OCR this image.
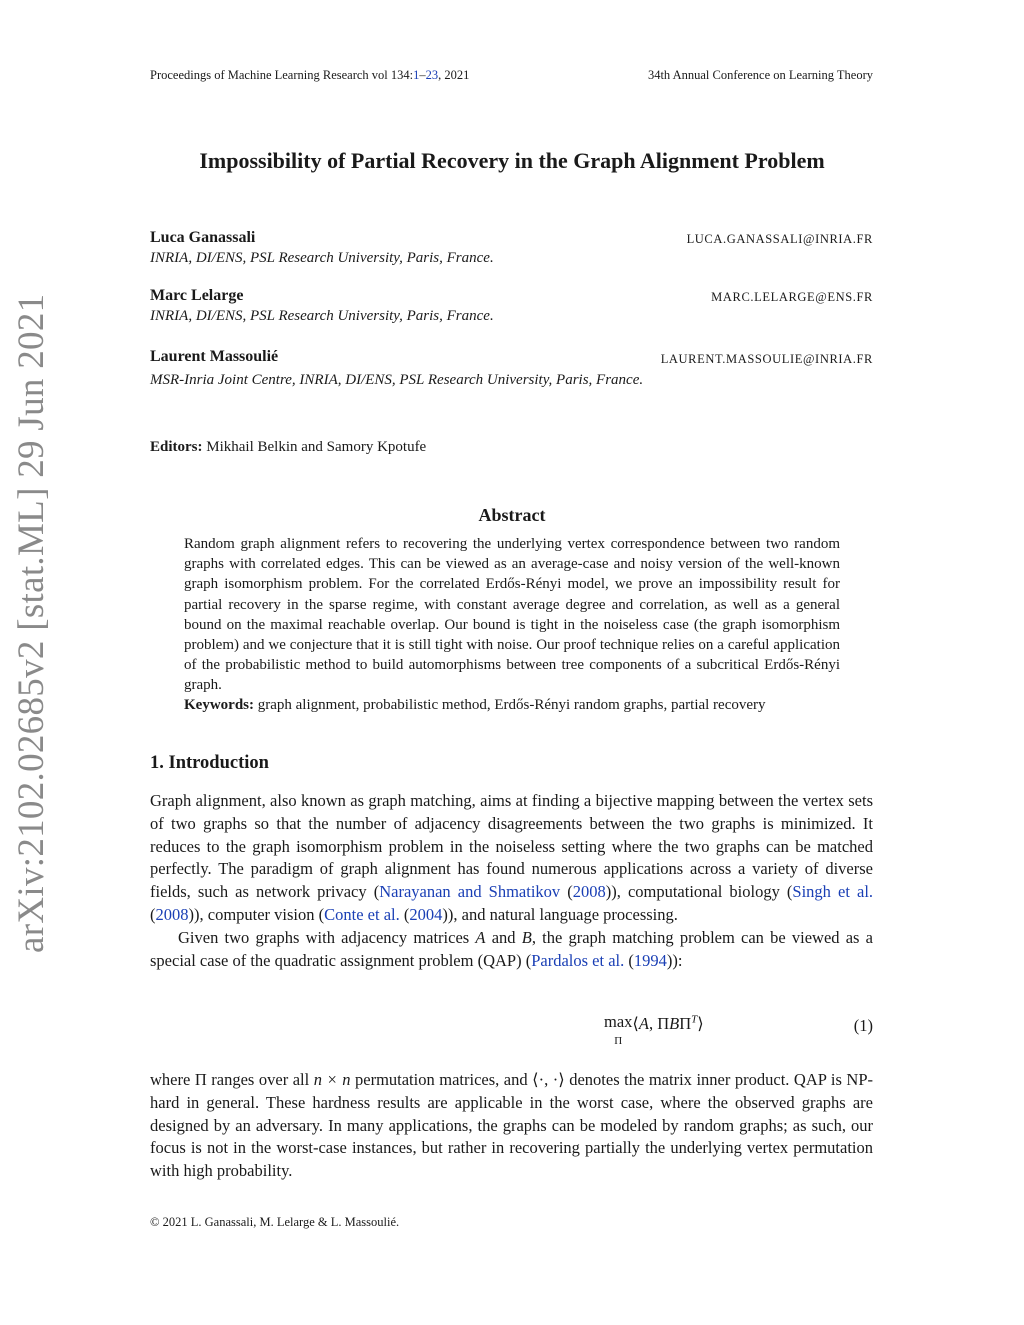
Proceedings of Machine Learning Research vol 134:1–23, 2021	34th Annual Conference on Learning Theory
arXiv:2102.02685v2 [stat.ML] 29 Jun 2021
Impossibility of Partial Recovery in the Graph Alignment Problem
Luca Ganassali	LUCA.GANASSALI@INRIA.FR
INRIA, DI/ENS, PSL Research University, Paris, France.
Marc Lelarge	MARC.LELARGE@ENS.FR
INRIA, DI/ENS, PSL Research University, Paris, France.
Laurent Massoulié	LAURENT.MASSOULIE@INRIA.FR
MSR-Inria Joint Centre, INRIA, DI/ENS, PSL Research University, Paris, France.
Editors: Mikhail Belkin and Samory Kpotufe
Abstract
Random graph alignment refers to recovering the underlying vertex correspondence between two random graphs with correlated edges. This can be viewed as an average-case and noisy version of the well-known graph isomorphism problem. For the correlated Erdős-Rényi model, we prove an impossibility result for partial recovery in the sparse regime, with constant average degree and correlation, as well as a general bound on the maximal reachable overlap. Our bound is tight in the noiseless case (the graph isomorphism problem) and we conjecture that it is still tight with noise. Our proof technique relies on a careful application of the probabilistic method to build automorphisms between tree components of a subcritical Erdős-Rényi graph.
Keywords: graph alignment, probabilistic method, Erdős-Rényi random graphs, partial recovery
1. Introduction

Graph alignment, also known as graph matching, aims at finding a bijective mapping between the vertex sets of two graphs so that the number of adjacency disagreements between the two graphs is minimized. It reduces to the graph isomorphism problem in the noiseless setting where the two graphs can be matched perfectly. The paradigm of graph alignment has found numerous applications across a variety of diverse fields, such as network privacy (Narayanan and Shmatikov (2008)), computational biology (Singh et al. (2008)), computer vision (Conte et al. (2004)), and natural language processing.

Given two graphs with adjacency matrices A and B, the graph matching problem can be viewed as a special case of the quadratic assignment problem (QAP) (Pardalos et al. (1994)):

max
Π⟨A, $\Pi B\Pi^T⟩$	(1)

where Π ranges over all n × n permutation matrices, and ⟨·, ·⟩ denotes the matrix inner product. QAP is NP-hard in general. These hardness results are applicable in the worst case, where the observed graphs are designed by an adversary. In many applications, the graphs can be modeled by random graphs; as such, our focus is not in the worst-case instances, but rather in recovering partially the underlying vertex permutation with high probability.

© 2021 L. Ganassali, M. Lelarge & L. Massoulié.
